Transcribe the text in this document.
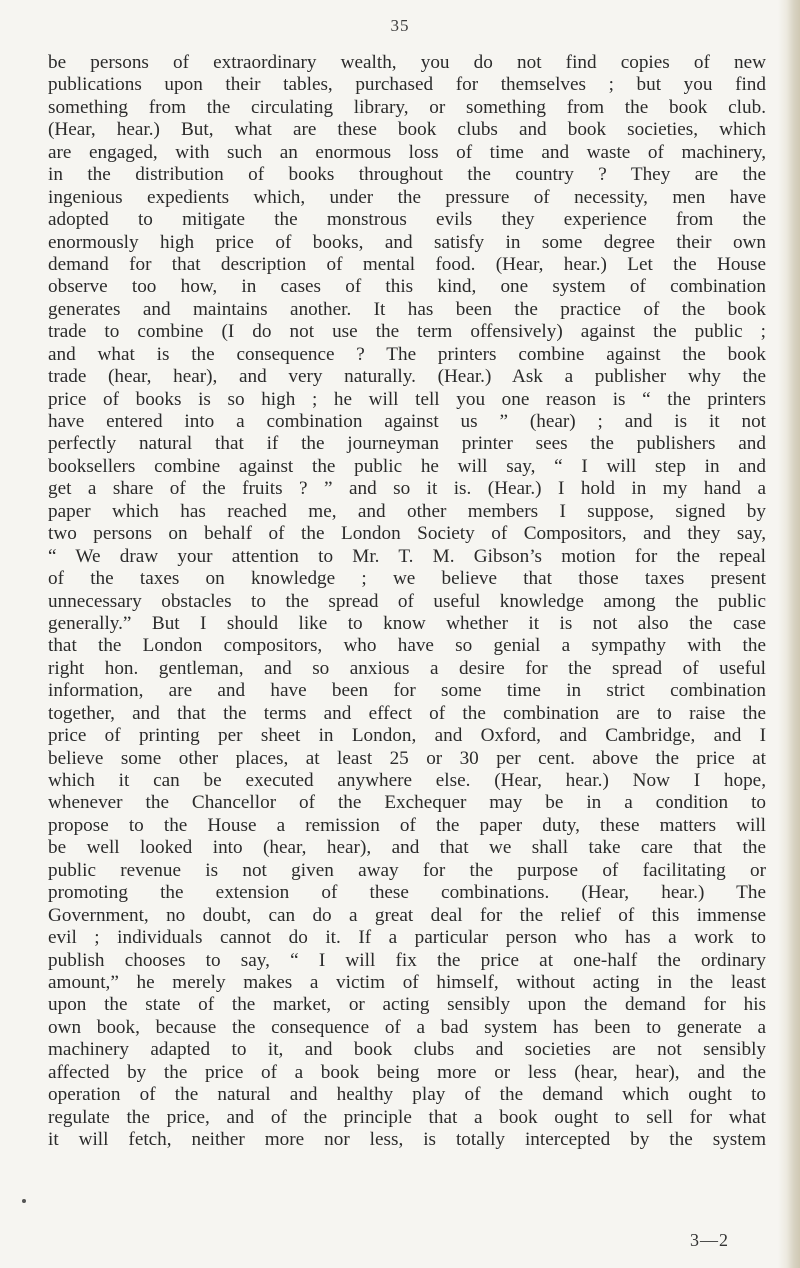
35
be persons of extraordinary wealth, you do not find copies of new
publications upon their tables, purchased for themselves ; but you find
something from the circulating library, or something from the book club.
(Hear, hear.) But, what are these book clubs and book societies, which
are engaged, with such an enormous loss of time and waste of machinery,
in the distribution of books throughout the country ? They are the
ingenious expedients which, under the pressure of necessity, men have
adopted to mitigate the monstrous evils they experience from the
enormously high price of books, and satisfy in some degree their own
demand for that description of mental food. (Hear, hear.) Let the House
observe too how, in cases of this kind, one system of combination
generates and maintains another. It has been the practice of the book
trade to combine (I do not use the term offensively) against the public ;
and what is the consequence ? The printers combine against the book
trade (hear, hear), and very naturally. (Hear.) Ask a publisher why the
price of books is so high ; he will tell you one reason is “ the printers
have entered into a combination against us ” (hear) ; and is it not
perfectly natural that if the journeyman printer sees the publishers and
booksellers combine against the public he will say, “ I will step in and
get a share of the fruits ? ” and so it is. (Hear.) I hold in my hand a
paper which has reached me, and other members I suppose, signed by
two persons on behalf of the London Society of Compositors, and they say,
“ We draw your attention to Mr. T. M. Gibson’s motion for the repeal
of the taxes on knowledge ; we believe that those taxes present
unnecessary obstacles to the spread of useful knowledge among the public
generally.” But I should like to know whether it is not also the case
that the London compositors, who have so genial a sympathy with the
right hon. gentleman, and so anxious a desire for the spread of useful
information, are and have been for some time in strict combination
together, and that the terms and effect of the combination are to raise the
price of printing per sheet in London, and Oxford, and Cambridge, and I
believe some other places, at least 25 or 30 per cent. above the price at
which it can be executed anywhere else. (Hear, hear.) Now I hope,
whenever the Chancellor of the Exchequer may be in a condition to
propose to the House a remission of the paper duty, these matters will
be well looked into (hear, hear), and that we shall take care that the
public revenue is not given away for the purpose of facilitating or
promoting the extension of these combinations. (Hear, hear.) The
Government, no doubt, can do a great deal for the relief of this immense
evil ; individuals cannot do it. If a particular person who has a work to
publish chooses to say, “ I will fix the price at one-half the ordinary
amount,” he merely makes a victim of himself, without acting in the least
upon the state of the market, or acting sensibly upon the demand for his
own book, because the consequence of a bad system has been to generate a
machinery adapted to it, and book clubs and societies are not sensibly
affected by the price of a book being more or less (hear, hear), and the
operation of the natural and healthy play of the demand which ought to
regulate the price, and of the principle that a book ought to sell for what
it will fetch, neither more nor less, is totally intercepted by the system
3—2
